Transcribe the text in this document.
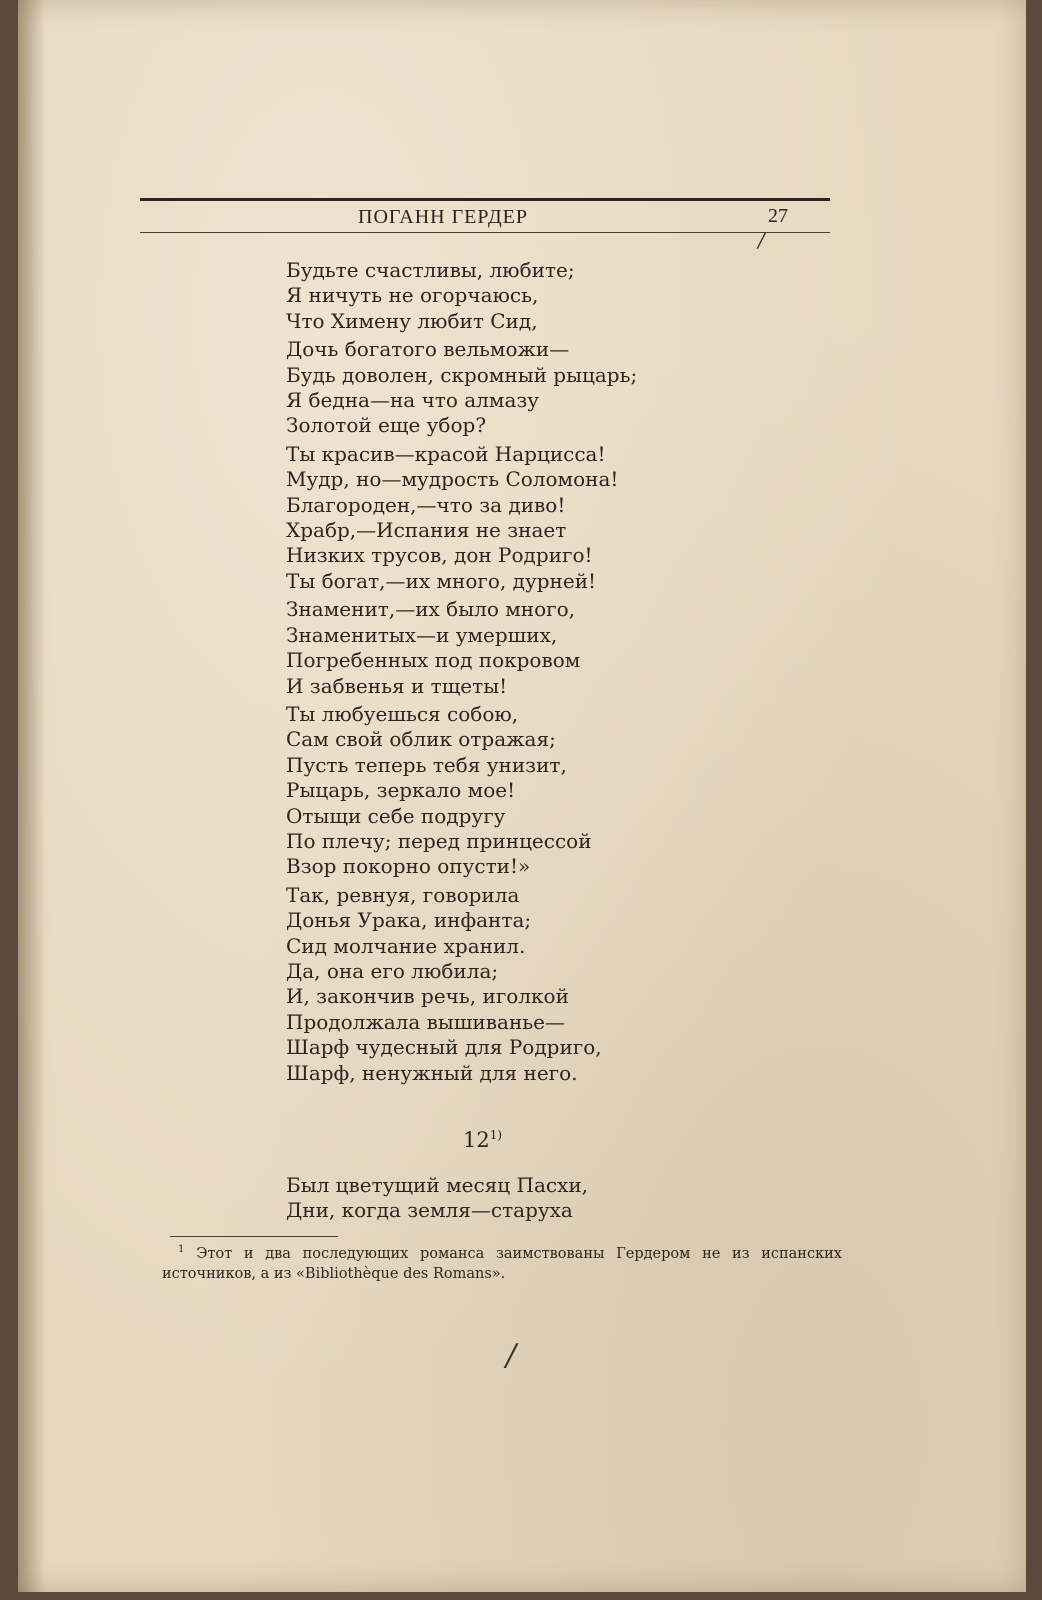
ПОГАНН ГЕРДЕР	27
/
Будьте счастливы, любите;
Я ничуть не огорчаюсь,
Что Химену любит Сид,
Дочь богатого вельможи—
Будь доволен, скромный рыцарь;
Я бедна—на что алмазу
Золотой еще убор?
Ты красив—красой Нарцисса!
Мудр, но—мудрость Соломона!
Благороден,—что за диво!
Храбр,—Испания не знает
Низких трусов, дон Родриго!
Ты богат,—их много, дурней!
Знаменит,—их было много,
Знаменитых—и умерших,
Погребенных под покровом
И забвенья и тщеты!
Ты любуешься собою,
Сам свой облик отражая;
Пусть теперь тебя унизит,
Рыцарь, зеркало мое!
Отыщи себе подругу
По плечу; перед принцессой
Взор покорно опусти!»
Так, ревнуя, говорила
Донья Урака, инфанта;
Сид молчание хранил.
Да, она его любила;
И, закончив речь, иголкой
Продолжала вышиванье—
Шарф чудесный для Родриго,
Шарф, ненужный для него.
12$^{1)}$
Был цветущий месяц Пасхи,
Дни, когда земля—старуха
$^1$ Этот и два последующих романса заимствованы Гердером не из испанских источников, а из «Bibliothèque des Romans».
/
